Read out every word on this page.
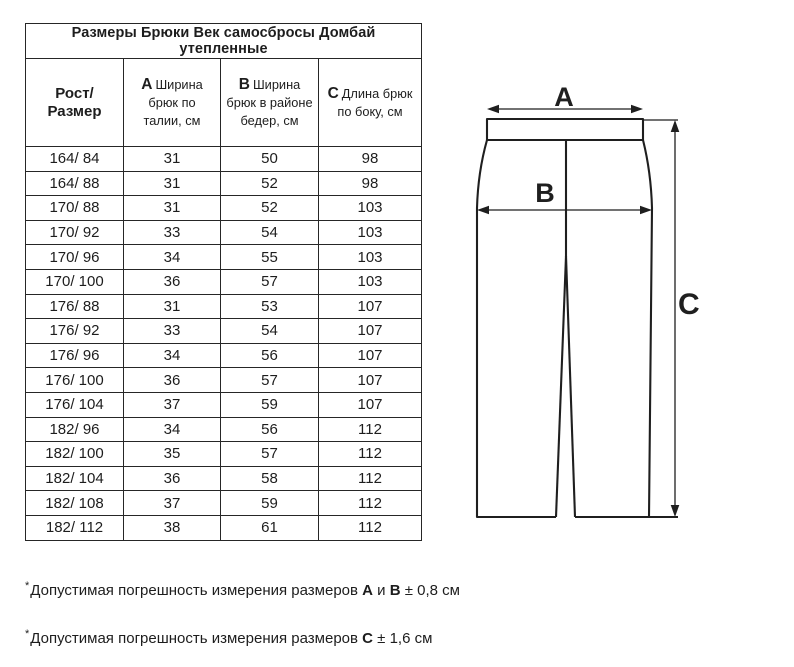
Размеры Брюки Век самосбросы Домбай утепленные			
Рост/Размер	A Ширина брюк по талии, см	B Ширина брюк в районе бедер, см	C Длина брюк по боку, см
164/ 84	31	50	98
164/ 88	31	52	98
170/ 88	31	52	103
170/ 92	33	54	103
170/ 96	34	55	103
170/ 100	36	57	103
176/ 88	31	53	107
176/ 92	33	54	107
176/ 96	34	56	107
176/ 100	36	57	107
176/ 104	37	59	107
182/ 96	34	56	112
182/ 100	35	57	112
182/ 104	36	58	112
182/ 108	37	59	112
182/ 112	38	61	112
*Допустимая погрешность измерения размеров A и B ± 0,8 см
*Допустимая погрешность измерения размеров C ± 1,6 см
A
B
C
